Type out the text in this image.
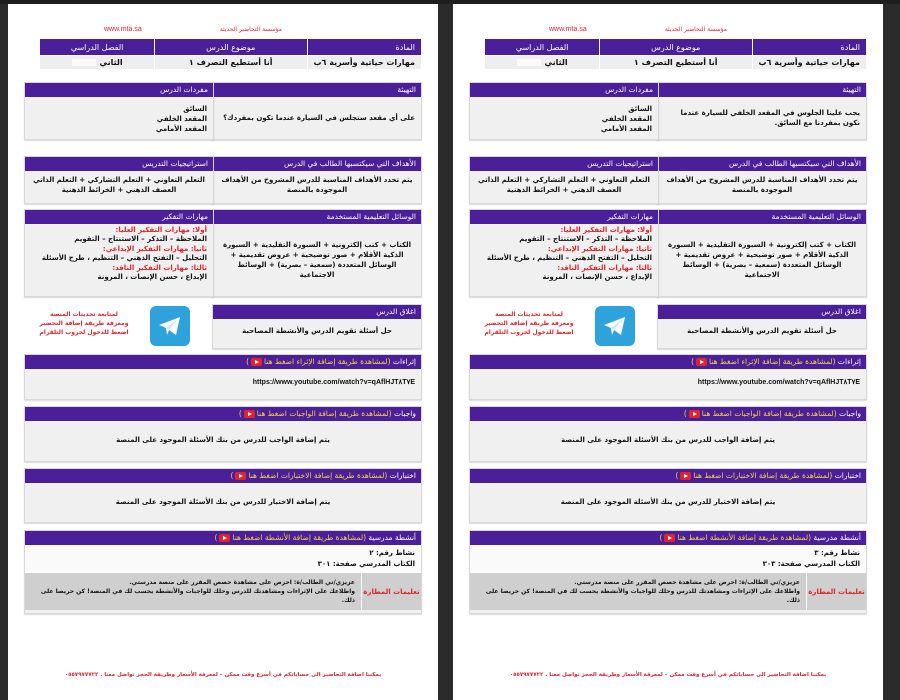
مؤسسة التحاضير الحديثة
www.mta.sa
المادة	موضوع الدرس	الفصل الدراسي
مهارات حياتية وأسرية ٦ب	أنا أستطيع التصرف ١	الثاني
التهيئة
على أي مقعد ستجلس في السيارة عندما تكون بمفردك؟
مفردات الدرس
السائق
المقعد الخلفي
المقعد الأمامي
الأهداف التي سيكتسبها الطالب في الدرس
يتم تحدد الأهداف المناسبة للدرس المشروح من الأهداف الموجودة بالمنصة
استراتيجيات التدريس
التعلم التعاوني + التعلم التشاركي + التعلم الذاتي العصف الذهني + الخرائط الذهنية
الوسائل التعليمية المستخدمة
الكتاب + كتب إلكترونية + السبورة التقليدية + السبورة الذكية الأقلام + صور توضيحية + عروض تقديمية + الوسائل المتعددة (سمعية – بصرية) + الوسائط الاجتماعية
مهارات التفكير
أولا: مهارات التفكير العليا:
الملاحظة – التذكر – الاستنتاج – التقويم
ثانيا: مهارات التفكير الإبداعي:
التحليل – التفتح الذهني – التنظيم ، طرح الأسئلة
ثالثا: مهارات التفكير الناقد:
الإبداع ، حسن الإنصات ، المرونة
اغلاق الدرس
حل أسئلة تقويم الدرس والأنشطة المصاحبة
لمتابعة تحديثات المنصة
ومعرفة طريقة إضافة التحضير
اضغط للدخول لجروب التلقرام
إثراءات (لمشاهدة طريقة إضافة الإثراء اضغط هنا)
https://www.youtube.com/watch?v=qAflHJT٨T٧E
واجبات (لمشاهدة طريقة إضافة الواجبات اضغط هنا)
يتم إضافة الواجب للدرس من بنك الأسئلة الموجود على المنصة
اختبارات (لمشاهدة طريقة إضافة الاختبارات اضغط هنا)
يتم إضافة الاختبار للدرس من بنك الأسئلة الموجود على المنصة
أنشطة مدرسية (لمشاهدة طريقة إضافة الأنشطة اضغط هنا)
نشاط رقم: ٢
الكتاب المدرسي صفحة: ٣٠١
تعليمات المطارة
عزيزي/تي الطالب/ة: احرص على مشاهدة حصص المقرر على منصة مدرستي.
واطلاعك على الإثراءات ومشاهدتك للدرس وحلك للواجبات والأنشطة يحسب لك في المنصة! كن حريصا على ذلك.
يمكننا اضافة التحاضير الى حساباتكم في أسرع وقت ممكن – لمعرفة الأسعار وطريقة الحجز تواصل معنا . ٠٥٥٧٩٧٧٧٢٢
مؤسسة التحاضير الحديثة
www.mta.sa
المادة	موضوع الدرس	الفصل الدراسي
مهارات حياتية وأسرية ٦ب	أنا أستطيع التصرف ١	الثاني
التهيئة
يجب علينا الجلوس في المقعد الخلفي للسيارة عندما نكون بمفردنا مع السائق.
مفردات الدرس
السائق
المقعد الخلفي
المقعد الأمامي
الأهداف التي سيكتسبها الطالب في الدرس
يتم تحدد الأهداف المناسبة للدرس المشروح من الأهداف الموجودة بالمنصة
استراتيجيات التدريس
التعلم التعاوني + التعلم التشاركي + التعلم الذاتي العصف الذهني + الخرائط الذهنية
الوسائل التعليمية المستخدمة
الكتاب + كتب إلكترونية + السبورة التقليدية + السبورة الذكية الأقلام + صور توضيحية + عروض تقديمية + الوسائل المتعددة (سمعية – بصرية) + الوسائط الاجتماعية
مهارات التفكير
أولا: مهارات التفكير العليا:
الملاحظة – التذكر – الاستنتاج – التقويم
ثانيا: مهارات التفكير الإبداعي:
التحليل – التفتح الذهني – التنظيم ، طرح الأسئلة
ثالثا: مهارات التفكير الناقد:
الإبداع ، حسن الإنصات ، المرونة
اغلاق الدرس
حل أسئلة تقويم الدرس والأنشطة المصاحبة
لمتابعة تحديثات المنصة
ومعرفة طريقة إضافة التحضير
اضغط للدخول لجروب التلقرام
إثراءات (لمشاهدة طريقة إضافة الإثراء اضغط هنا)
https://www.youtube.com/watch?v=qAflHJT٨T٧E
واجبات (لمشاهدة طريقة إضافة الواجبات اضغط هنا)
يتم إضافة الواجب للدرس من بنك الأسئلة الموجود على المنصة
اختبارات (لمشاهدة طريقة إضافة الاختبارات اضغط هنا)
يتم إضافة الاختبار للدرس من بنك الأسئلة الموجود على المنصة
أنشطة مدرسية (لمشاهدة طريقة إضافة الأنشطة اضغط هنا)
نشاط رقم: ٣
الكتاب المدرسي صفحة: ٣٠٣
تعليمات المطارة
عزيزي/تي الطالب/ة: احرص على مشاهدة حصص المقرر على منصة مدرستي.
واطلاعك على الإثراءات ومشاهدتك للدرس وحلك للواجبات والأنشطة يحسب لك في المنصة! كن حريصا على ذلك.
يمكننا اضافة التحاضير الى حساباتكم في أسرع وقت ممكن – لمعرفة الأسعار وطريقة الحجز تواصل معنا . ٠٥٥٧٩٧٧٧٢٢
